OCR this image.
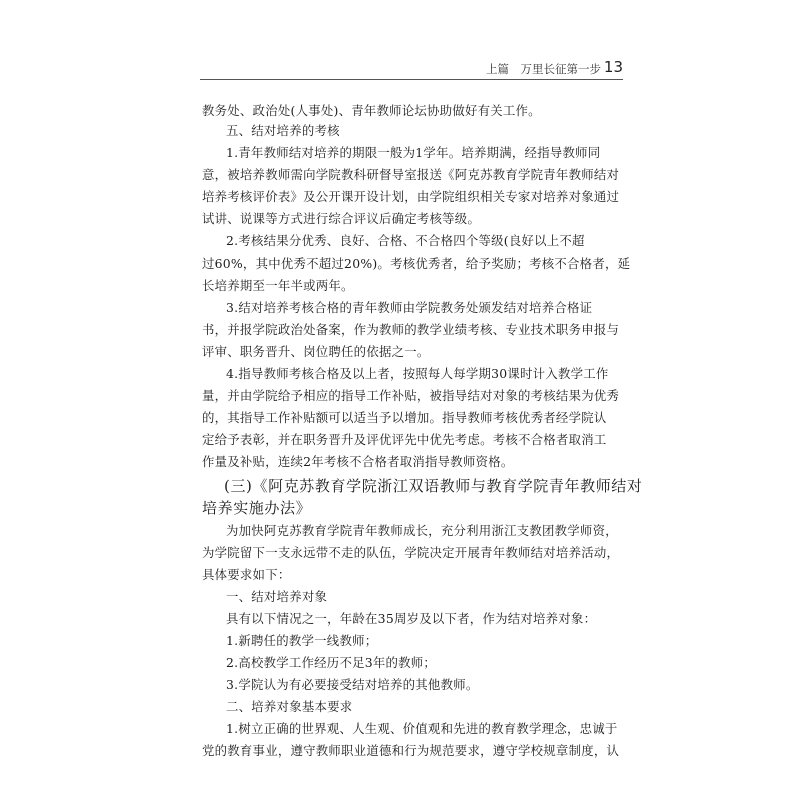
上篇　万里长征第一步 13
教务处、政治处(人事处)、青年教师论坛协助做好有关工作。
五、结对培养的考核
1.青年教师结对培养的期限一般为1学年。培养期满，经指导教师同
意，被培养教师需向学院教科研督导室报送《阿克苏教育学院青年教师结对
培养考核评价表》及公开课开设计划，由学院组织相关专家对培养对象通过
试讲、说课等方式进行综合评议后确定考核等级。
2.考核结果分优秀、良好、合格、不合格四个等级(良好以上不超
过60%，其中优秀不超过20%)。考核优秀者，给予奖励；考核不合格者，延
长培养期至一年半或两年。
3.结对培养考核合格的青年教师由学院教务处颁发结对培养合格证
书，并报学院政治处备案，作为教师的教学业绩考核、专业技术职务申报与
评审、职务晋升、岗位聘任的依据之一。
4.指导教师考核合格及以上者，按照每人每学期30课时计入教学工作
量，并由学院给予相应的指导工作补贴，被指导结对对象的考核结果为优秀
的，其指导工作补贴额可以适当予以增加。指导教师考核优秀者经学院认
定给予表彰，并在职务晋升及评优评先中优先考虑。考核不合格者取消工
作量及补贴，连续2年考核不合格者取消指导教师资格。
(三)《阿克苏教育学院浙江双语教师与教育学院青年教师结对
培养实施办法》
为加快阿克苏教育学院青年教师成长，充分利用浙江支教团教学师资，
为学院留下一支永远带不走的队伍，学院决定开展青年教师结对培养活动，
具体要求如下：
一、结对培养对象
具有以下情况之一，年龄在35周岁及以下者，作为结对培养对象：
1.新聘任的教学一线教师；
2.高校教学工作经历不足3年的教师；
3.学院认为有必要接受结对培养的其他教师。
二、培养对象基本要求
1.树立正确的世界观、人生观、价值观和先进的教育教学理念，忠诚于
党的教育事业，遵守教师职业道德和行为规范要求，遵守学校规章制度，认
